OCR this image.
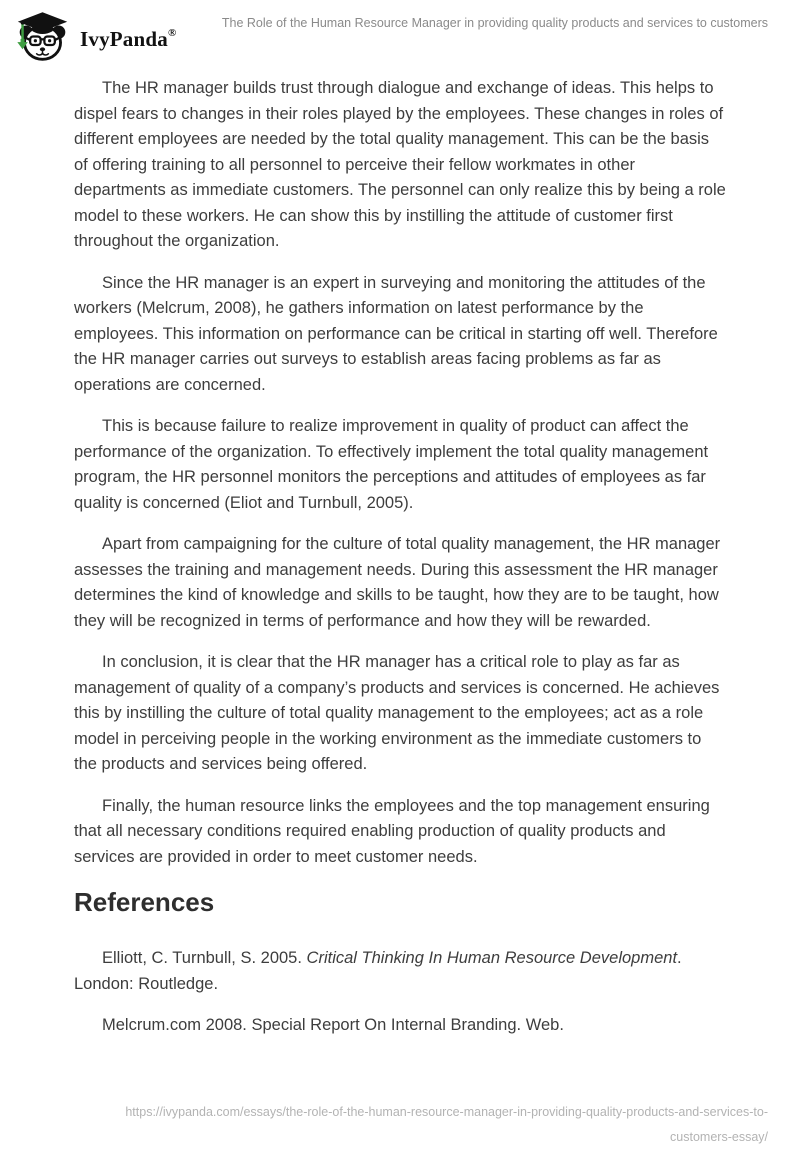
IvyPanda®
The Role of the Human Resource Manager in providing quality products and services to customers

The HR manager builds trust through dialogue and exchange of ideas. This helps to dispel fears to changes in their roles played by the employees. These changes in roles of different employees are needed by the total quality management. This can be the basis of offering training to all personnel to perceive their fellow workmates in other departments as immediate customers. The personnel can only realize this by being a role model to these workers. He can show this by instilling the attitude of customer first throughout the organization.

Since the HR manager is an expert in surveying and monitoring the attitudes of the workers (Melcrum, 2008), he gathers information on latest performance by the employees. This information on performance can be critical in starting off well. Therefore the HR manager carries out surveys to establish areas facing problems as far as operations are concerned.

This is because failure to realize improvement in quality of product can affect the performance of the organization. To effectively implement the total quality management program, the HR personnel monitors the perceptions and attitudes of employees as far quality is concerned (Eliot and Turnbull, 2005).

Apart from campaigning for the culture of total quality management, the HR manager assesses the training and management needs. During this assessment the HR manager determines the kind of knowledge and skills to be taught, how they are to be taught, how they will be recognized in terms of performance and how they will be rewarded.

In conclusion, it is clear that the HR manager has a critical role to play as far as management of quality of a company’s products and services is concerned. He achieves this by instilling the culture of total quality management to the employees; act as a role model in perceiving people in the working environment as the immediate customers to the products and services being offered.

Finally, the human resource links the employees and the top management ensuring that all necessary conditions required enabling production of quality products and services are provided in order to meet customer needs.

References

Elliott, C. Turnbull, S. 2005. Critical Thinking In Human Resource Development. London: Routledge.

Melcrum.com 2008. Special Report On Internal Branding. Web.

https://ivypanda.com/essays/the-role-of-the-human-resource-manager-in-providing-quality-products-and-services-to-customers-essay/
